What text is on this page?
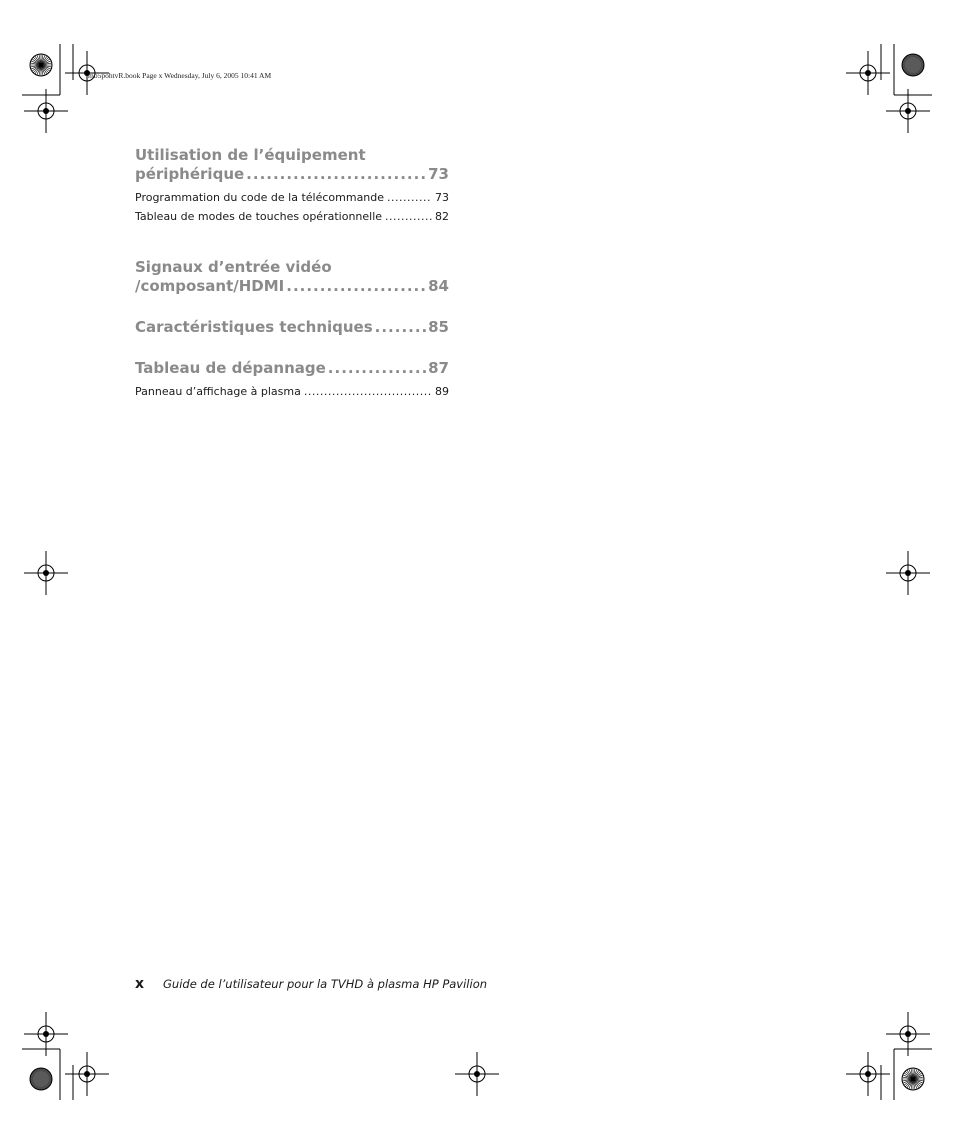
mb5pohtvR.book Page x Wednesday, July 6, 2005 10:41 AM
Utilisation de l’équipement
périphérique .....	73
Programmation du code de la télécommande .....	73
Tableau de modes de touches opérationnelle .....	82
Signaux d’entrée vidéo
/composant/HDMI .....	84
Caractéristiques techniques .....	85
Tableau de dépannage .....	87
Panneau d’affichage à plasma .....	89
x	Guide de l’utilisateur pour la TVHD à plasma HP Pavilion
